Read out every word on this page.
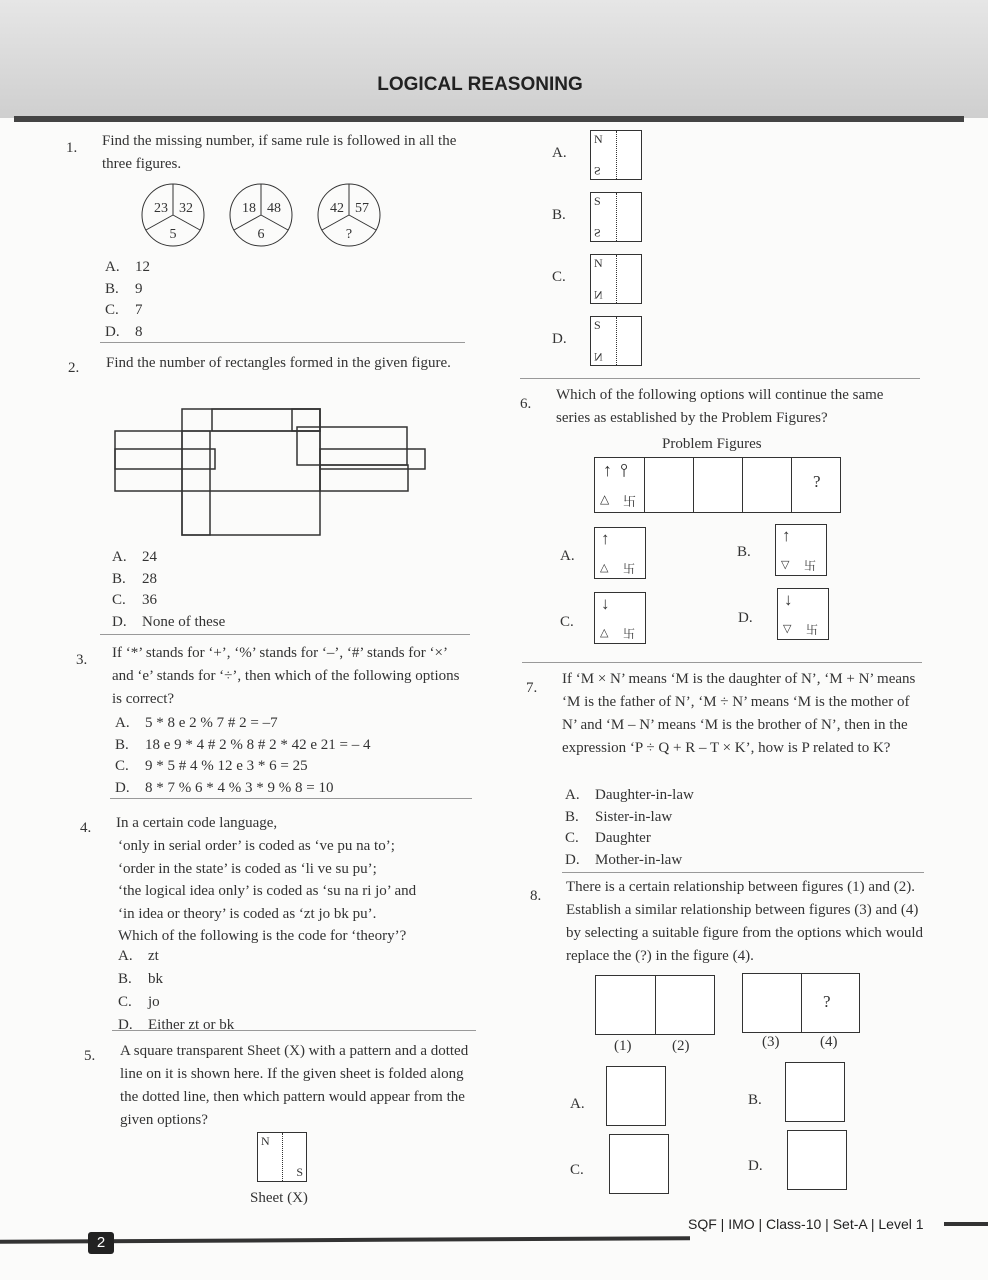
LOGICAL REASONING
1. Find the missing number, if same rule is followed in all the three figures.
23 32
5
18 48
6
42 57
?
2. Find the number of rectangles formed in the given figure.
3. If ‘*’ stands for ‘+’, ‘%’ stands for ‘–’, ‘#’ stands for ‘×’ and ‘e’ stands for ‘÷’, then which of the following options is correct?
4. In a certain code language,
5. A square transparent Sheet (X) with a pattern and a dotted line on it is shown here. If the given sheet is folded along the dotted line, then which pattern would appear from the given options?
N
S
Sheet (X)
6.
Which of the following options will continue the same series as established by the Problem Figures?
Problem Figures
↑ ⫯
△ 卐
?
7.
If ‘M × N’ means ‘M is the daughter of N’, ‘M + N’ means ‘M is the father of N’, ‘M ÷ N’ means ‘M is the mother of N’ and ‘M – N’ means ‘M is the brother of N’, then in the expression ‘P ÷ Q + R – T × K’, how is P related to K?
8.
There is a certain relationship between figures (1) and (2). Establish a similar relationship between figures (3) and (4) by selecting a suitable figure from the options which would replace the (?) in the figure (4).
?
(1)	(2)	(3)	(4)
2
SQF | IMO | Class-10 | Set-A | Level 1
A. 12
B. 9
C. 7
D. 8
A. 24
B. 28
C. 36
D. None of these
A. 5 * 8 e 2 % 7 # 2 = –7
B. 18 e 9 * 4 # 2 % 8 # 2 * 42 e 21 = – 4
C. 9 * 5 # 4 % 12 e 3 * 6 = 25
D. 8 * 7 % 6 * 4 % 3 * 9 % 8 = 10
A. zt
B. bk
C. jo
D. Either zt or bk
A. Daughter-in-law
B. Sister-in-law
C. Daughter
D. Mother-in-law
‘only in serial order’ is coded as ‘ve pu na to’;
‘order in the state’ is coded as ‘li ve su pu’;
‘the logical idea only’ is coded as ‘su na ri jo’ and
‘in idea or theory’ is coded as ‘zt jo bk pu’.
Which of the following is the code for ‘theory’?
A.
N
S
B.
S
S
C.
N
N
D.
S
N
A.
↑
△ 卐
B.
↑
▽ 卐
C.
↓
△ 卐
D.
↓
▽ 卐
A.	B.
C.	D.
